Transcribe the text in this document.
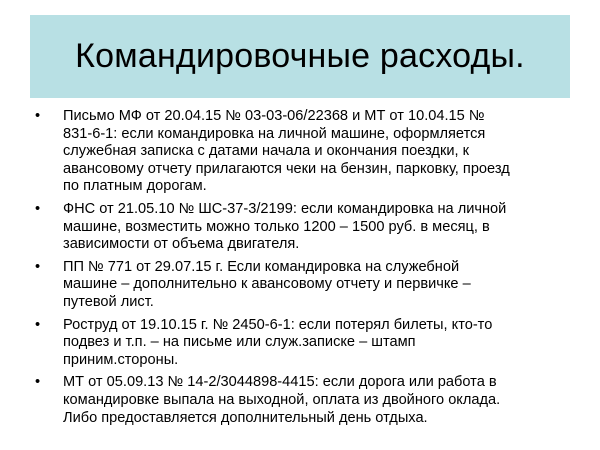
Командировочные расходы.
• Письмо МФ от 20.04.15 № 03-03-06/22368 и МТ от 10.04.15 №
831-6-1: если командировка на личной машине, оформляется
служебная записка с датами начала и окончания поездки, к
авансовому отчету прилагаются чеки на бензин, парковку, проезд
по платным дорогам.
• ФНС от 21.05.10 № ШС-37-3/2199: если командировка на личной
машине, возместить можно только 1200 – 1500 руб. в месяц, в
зависимости от объема двигателя.
• ПП № 771 от 29.07.15 г. Если командировка на служебной
машине – дополнительно к авансовому отчету и первичке –
путевой лист.
• Роструд от 19.10.15 г. № 2450-6-1: если потерял билеты, кто-то
подвез и т.п. – на письме или служ.записке – штамп
приним.стороны.
• МТ от 05.09.13 № 14-2/3044898-4415: если дорога или работа в
командировке выпала на выходной, оплата из двойного оклада.
Либо предоставляется дополнительный день отдыха.
